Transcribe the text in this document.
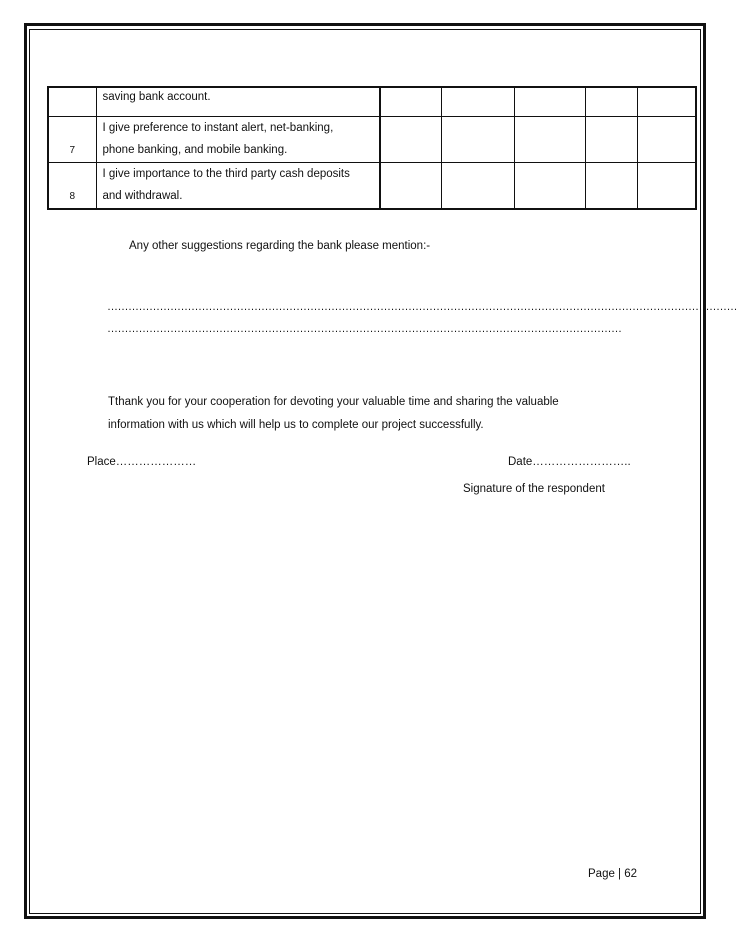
	saving bank account.					

7	I give preference to instant alert, net-banking,
phone banking, and mobile banking.					

8	I give importance to the third party cash deposits
and withdrawal.					

Any other suggestions regarding the bank please mention:-
………………………………………………………………………………………………………………………………………………………………
…………………………………………………………………………………………………………………………………
Tthank you for your cooperation for devoting your valuable time and sharing the valuable
information with us which will help us to complete our project successfully.
Place…………………	Date……………………..
Signature of the respondent
Page | 62
